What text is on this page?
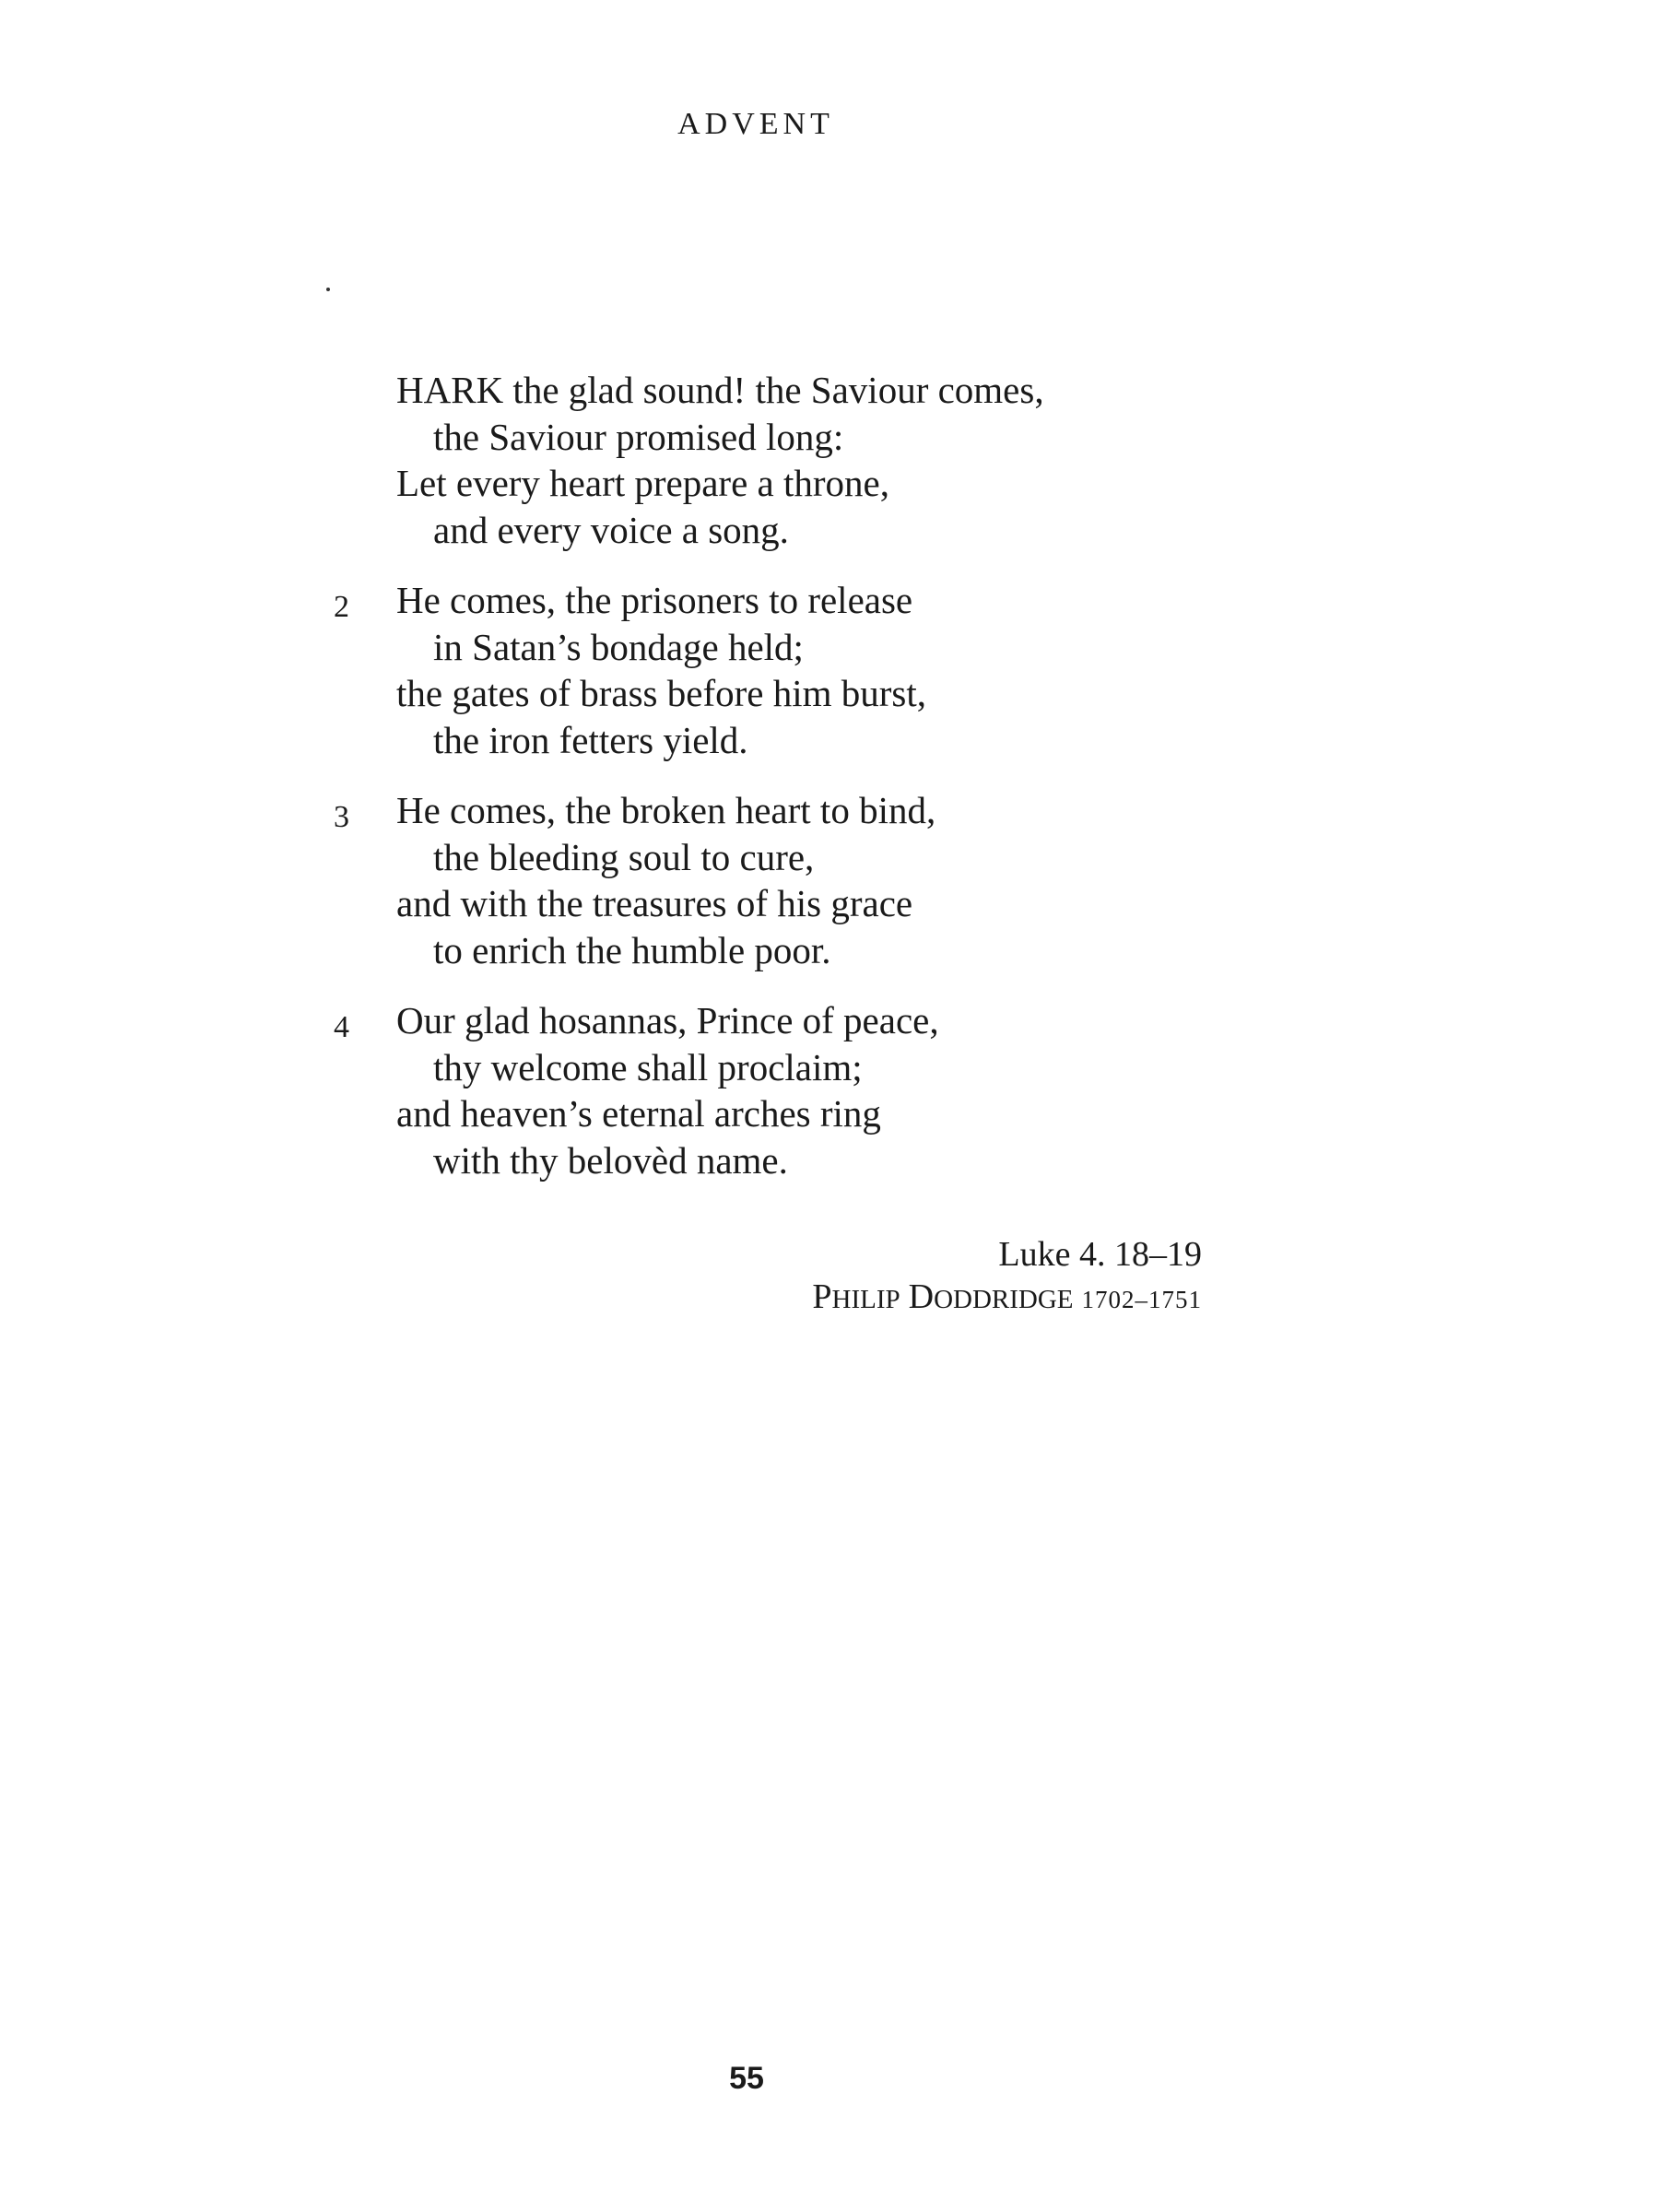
ADVENT
HARK the glad sound! the Saviour comes,
the Saviour promised long:
Let every heart prepare a throne,
and every voice a song.
2	He comes, the prisoners to release
in Satan’s bondage held;
the gates of brass before him burst,
the iron fetters yield.
3	He comes, the broken heart to bind,
the bleeding soul to cure,
and with the treasures of his grace
to enrich the humble poor.
4	Our glad hosannas, Prince of peace,
thy welcome shall proclaim;
and heaven’s eternal arches ring
with thy belovèd name.
Luke 4. 18–19
PHILIP DODDRIDGE 1702–1751
55
